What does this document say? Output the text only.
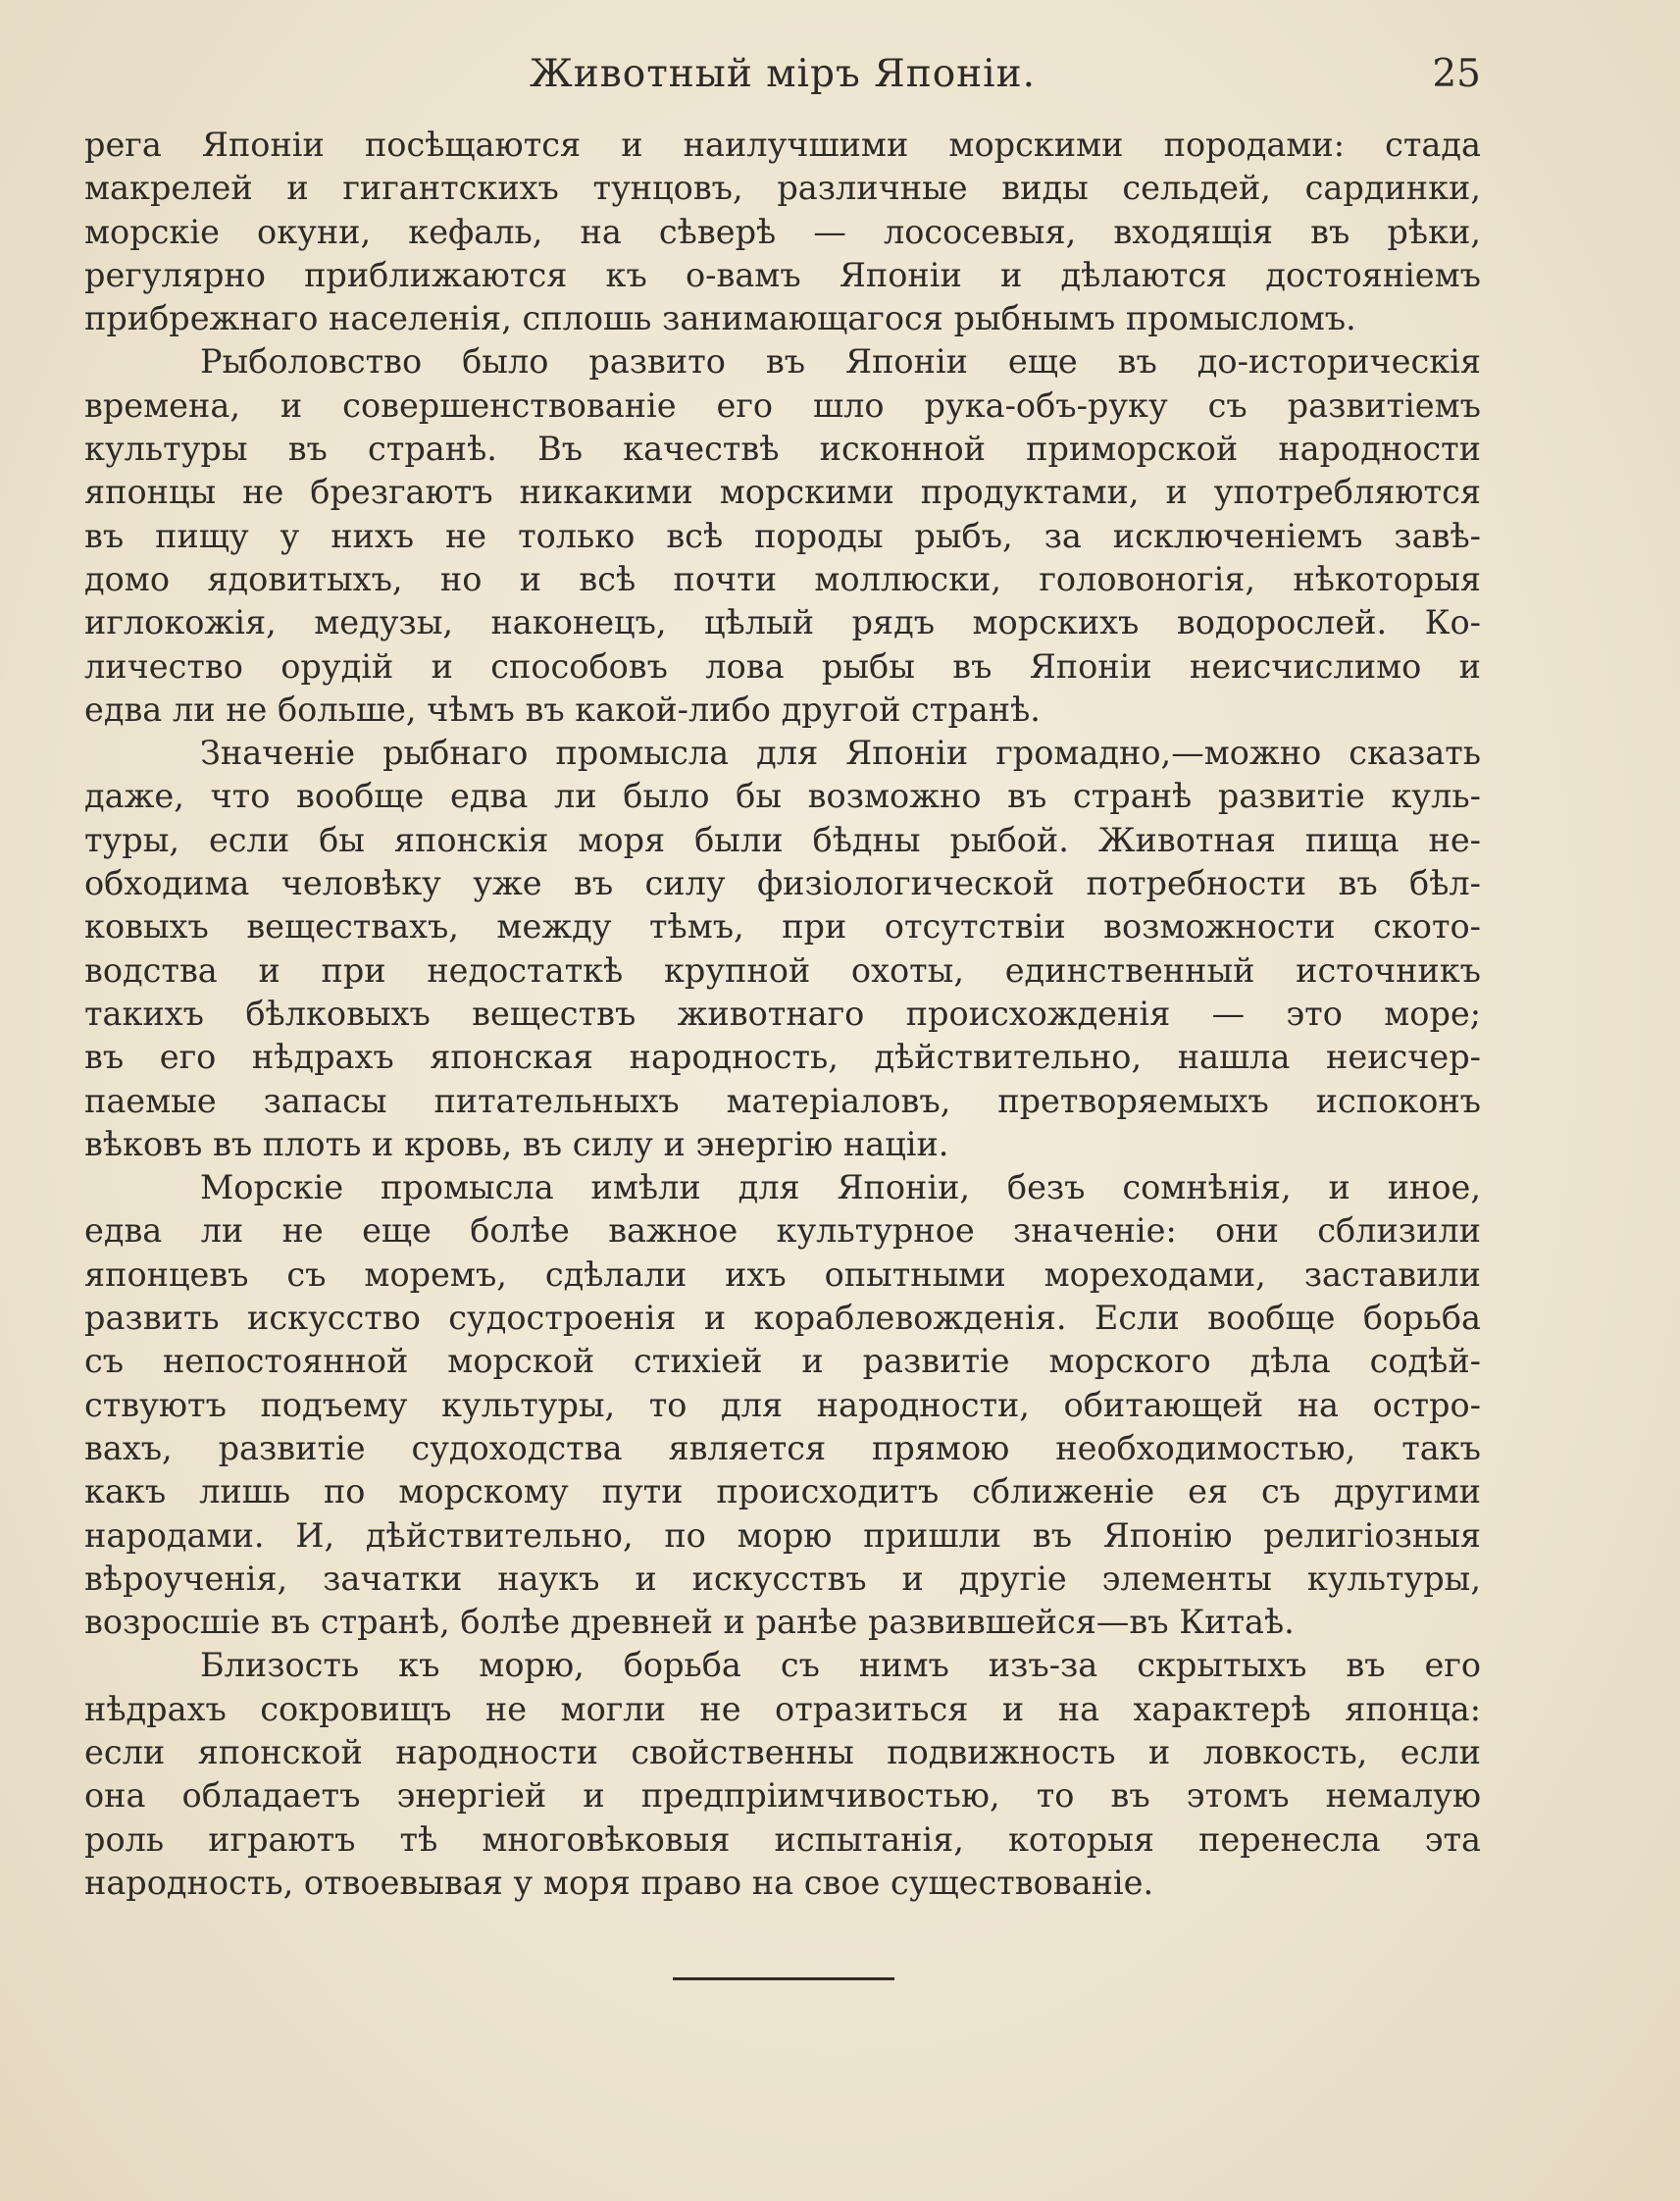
Животный міръ Японіи.	25
рега Японіи посѣщаются и наилучшими морскими породами: стада
макрелей и гигантскихъ тунцовъ, различные виды сельдей, сардинки,
морскіе окуни, кефаль, на сѣверѣ — лососевыя, входящія въ рѣки,
регулярно приближаются къ о-вамъ Японіи и дѣлаются достояніемъ
прибрежнаго населенія, сплошь занимающагося рыбнымъ промысломъ.
Рыболовство было развито въ Японіи еще въ до-историческія
времена, и совершенствованіе его шло рука-объ-руку съ развитіемъ
культуры въ странѣ. Въ качествѣ исконной приморской народности
японцы не брезгаютъ никакими морскими продуктами, и употребляются
въ пищу у нихъ не только всѣ породы рыбъ, за исключеніемъ завѣ-
домо ядовитыхъ, но и всѣ почти моллюски, головоногія, нѣкоторыя
иглокожія, медузы, наконецъ, цѣлый рядъ морскихъ водорослей. Ко-
личество орудій и способовъ лова рыбы въ Японіи неисчислимо и
едва ли не больше, чѣмъ въ какой-либо другой странѣ.
Значеніе рыбнаго промысла для Японіи громадно,—можно сказать
даже, что вообще едва ли было бы возможно въ странѣ развитіе куль-
туры, если бы японскія моря были бѣдны рыбой. Животная пища не-
обходима человѣку уже въ силу физіологической потребности въ бѣл-
ковыхъ веществахъ, между тѣмъ, при отсутствіи возможности ското-
водства и при недостаткѣ крупной охоты, единственный источникъ
такихъ бѣлковыхъ веществъ животнаго происхожденія — это море;
въ его нѣдрахъ японская народность, дѣйствительно, нашла неисчер-
паемые запасы питательныхъ матеріаловъ, претворяемыхъ испоконъ
вѣковъ въ плоть и кровь, въ силу и энергію націи.
Морскіе промысла имѣли для Японіи, безъ сомнѣнія, и иное,
едва ли не еще болѣе важное культурное значеніе: они сблизили
японцевъ съ моремъ, сдѣлали ихъ опытными мореходами, заставили
развить искусство судостроенія и кораблевожденія. Если вообще борьба
съ непостоянной морской стихіей и развитіе морского дѣла содѣй-
ствуютъ подъему культуры, то для народности, обитающей на остро-
вахъ, развитіе судоходства является прямою необходимостью, такъ
какъ лишь по морскому пути происходитъ сближеніе ея съ другими
народами. И, дѣйствительно, по морю пришли въ Японію религіозныя
вѣроученія, зачатки наукъ и искусствъ и другіе элементы культуры,
возросшіе въ странѣ, болѣе древней и ранѣе развившейся—въ Китаѣ.
Близость къ морю, борьба съ нимъ изъ-за скрытыхъ въ его
нѣдрахъ сокровищъ не могли не отразиться и на характерѣ японца:
если японской народности свойственны подвижность и ловкость, если
она обладаетъ энергіей и предпріимчивостью, то въ этомъ немалую
роль играютъ тѣ многовѣковыя испытанія, которыя перенесла эта
народность, отвоевывая у моря право на свое существованіе.
